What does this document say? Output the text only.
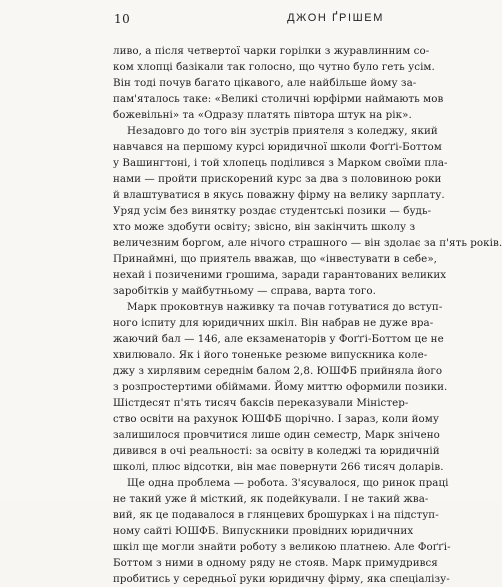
10	ДЖОН ҐРІШЕМ
ливо, а після четвертої чарки горілки з журавлинним со-
ком хлопці базікали так голосно, що чутно було геть усім.
Він тоді почув багато цікавого, але найбільше йому за-
пам'яталось таке: «Великі столичні юрфірми наймають мов
божевільні» та «Одразу платять півтора штук на рік».
Незадовго до того він зустрів приятеля з коледжу, який
навчався на першому курсі юридичної школи Фоґґі-Боттом
у Вашингтоні, і той хлопець поділився з Марком своїми пла-
нами — пройти прискорений курс за два з половиною роки
й влаштуватися в якусь поважну фірму на велику зарплату.
Уряд усім без винятку роздає студентські позики — будь-
хто може здобути освіту; звісно, він закінчить школу з
величезним боргом, але нічого страшного — він здолає за п'ять років.
Принаймні, що приятель вважав, що «інвестувати в себе»,
нехай і позиченими грошима, заради гарантованих великих
заробітків у майбутньому — справа, варта того.
Марк проковтнув наживку та почав готуватися до вступ-
ного іспиту для юридичних шкіл. Він набрав не дуже вра-
жаючий бал — 146, але екзаменаторів у Фоґґі-Боттом це не
хвилювало. Як і його тоненьке резюме випускника коле-
джу з хирлявим середнім балом 2,8. ЮШФБ прийняла його
з розпростертими обіймами. Йому миттю оформили позики.
Шістдесят п'ять тисяч баксів переказували Міністер-
ство освіти на рахунок ЮШФБ щорічно. І зараз, коли йому
залишилося провчитися лише один семестр, Марк знічено
дивився в очі реальності: за освіту в коледжі та юридичній
школі, плюс відсотки, він має повернути 266 тисяч доларів.
Ще одна проблема — робота. З'ясувалося, що ринок праці
не такий уже й місткий, як подейкували. І не такий жва-
вий, як це подавалося в глянцевих брошурках і на підступ-
ному сайті ЮШФБ. Випускники провідних юридичних
шкіл ще могли знайти роботу з великою платнею. Але Фоґґі-
Боттом з ними в одному ряду не стояв. Марк примудрився
пробитись у середньої руки юридичну фірму, яка спеціалізу-
